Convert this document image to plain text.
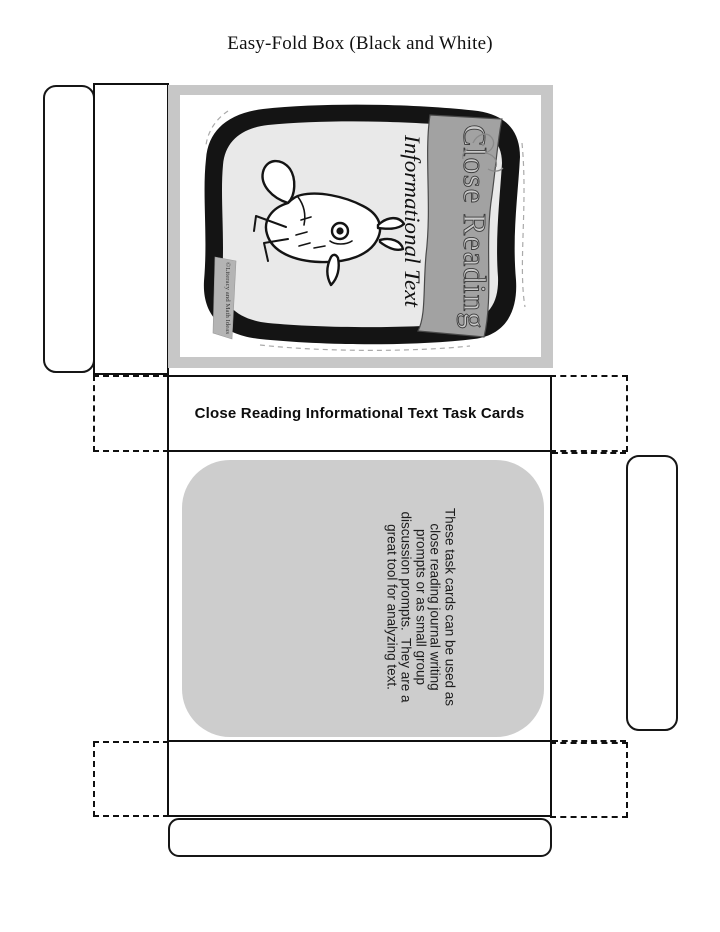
Easy-Fold Box (Black and White)
Close Reading
Informational Text
©Literacy and Math Ideas
Close Reading Informational Text Task Cards
These task cards can be used as
close reading journal writing
prompts or as small group
discussion prompts.  They are a
great tool for analyzing text.
